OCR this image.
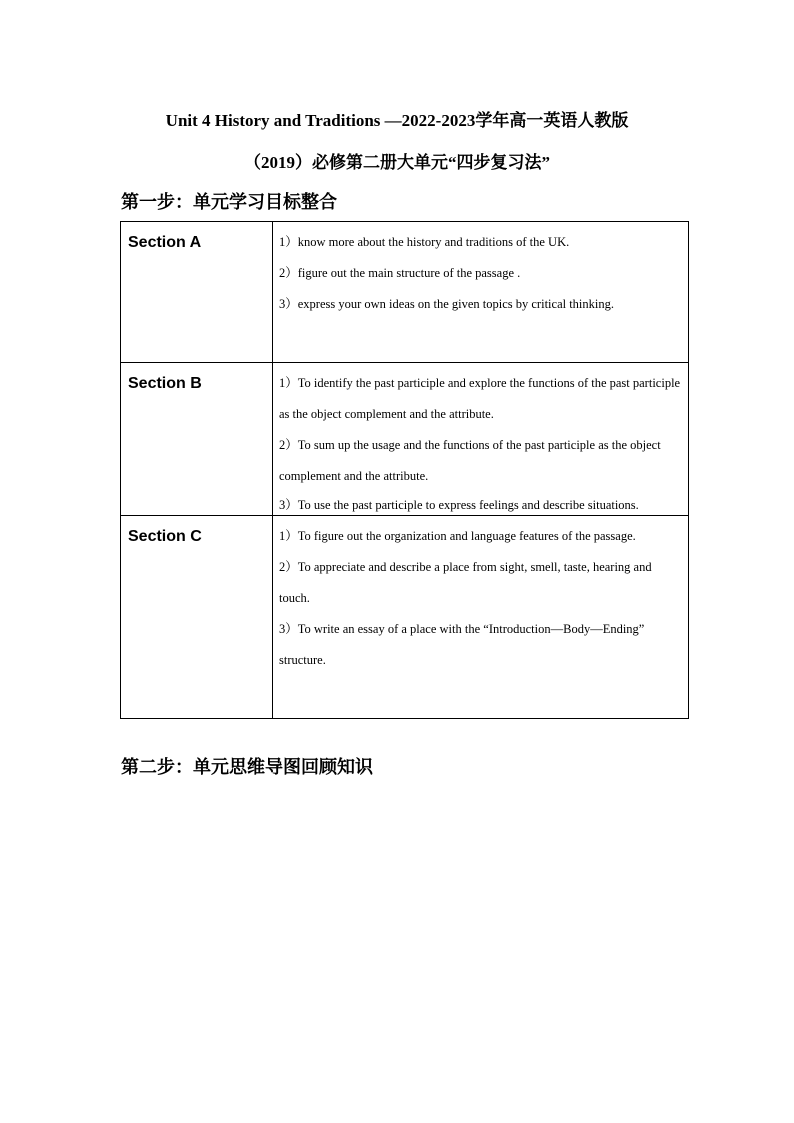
Unit 4 History and Traditions —2022-2023学年高一英语人教版
（2019）必修第二册大单元“四步复习法”
第一步：单元学习目标整合
Section A	1）know more about the history and traditions of the UK.

2）figure out the main structure of the passage .

3）express your own ideas on the given topics by critical thinking.

Section B	1）To identify the past participle and explore the functions of the past participle as the object complement and the attribute.

2）To sum up the usage and the functions of the past participle as the object complement and the attribute.

3）To use the past participle to express feelings and describe situations.

Section C	1）To figure out the organization and language features of the passage.

2）To appreciate and describe a place from sight, smell, taste, hearing and touch.

3）To write an essay of a place with the “Introduction—Body—Ending” structure.

第二步：单元思维导图回顾知识
